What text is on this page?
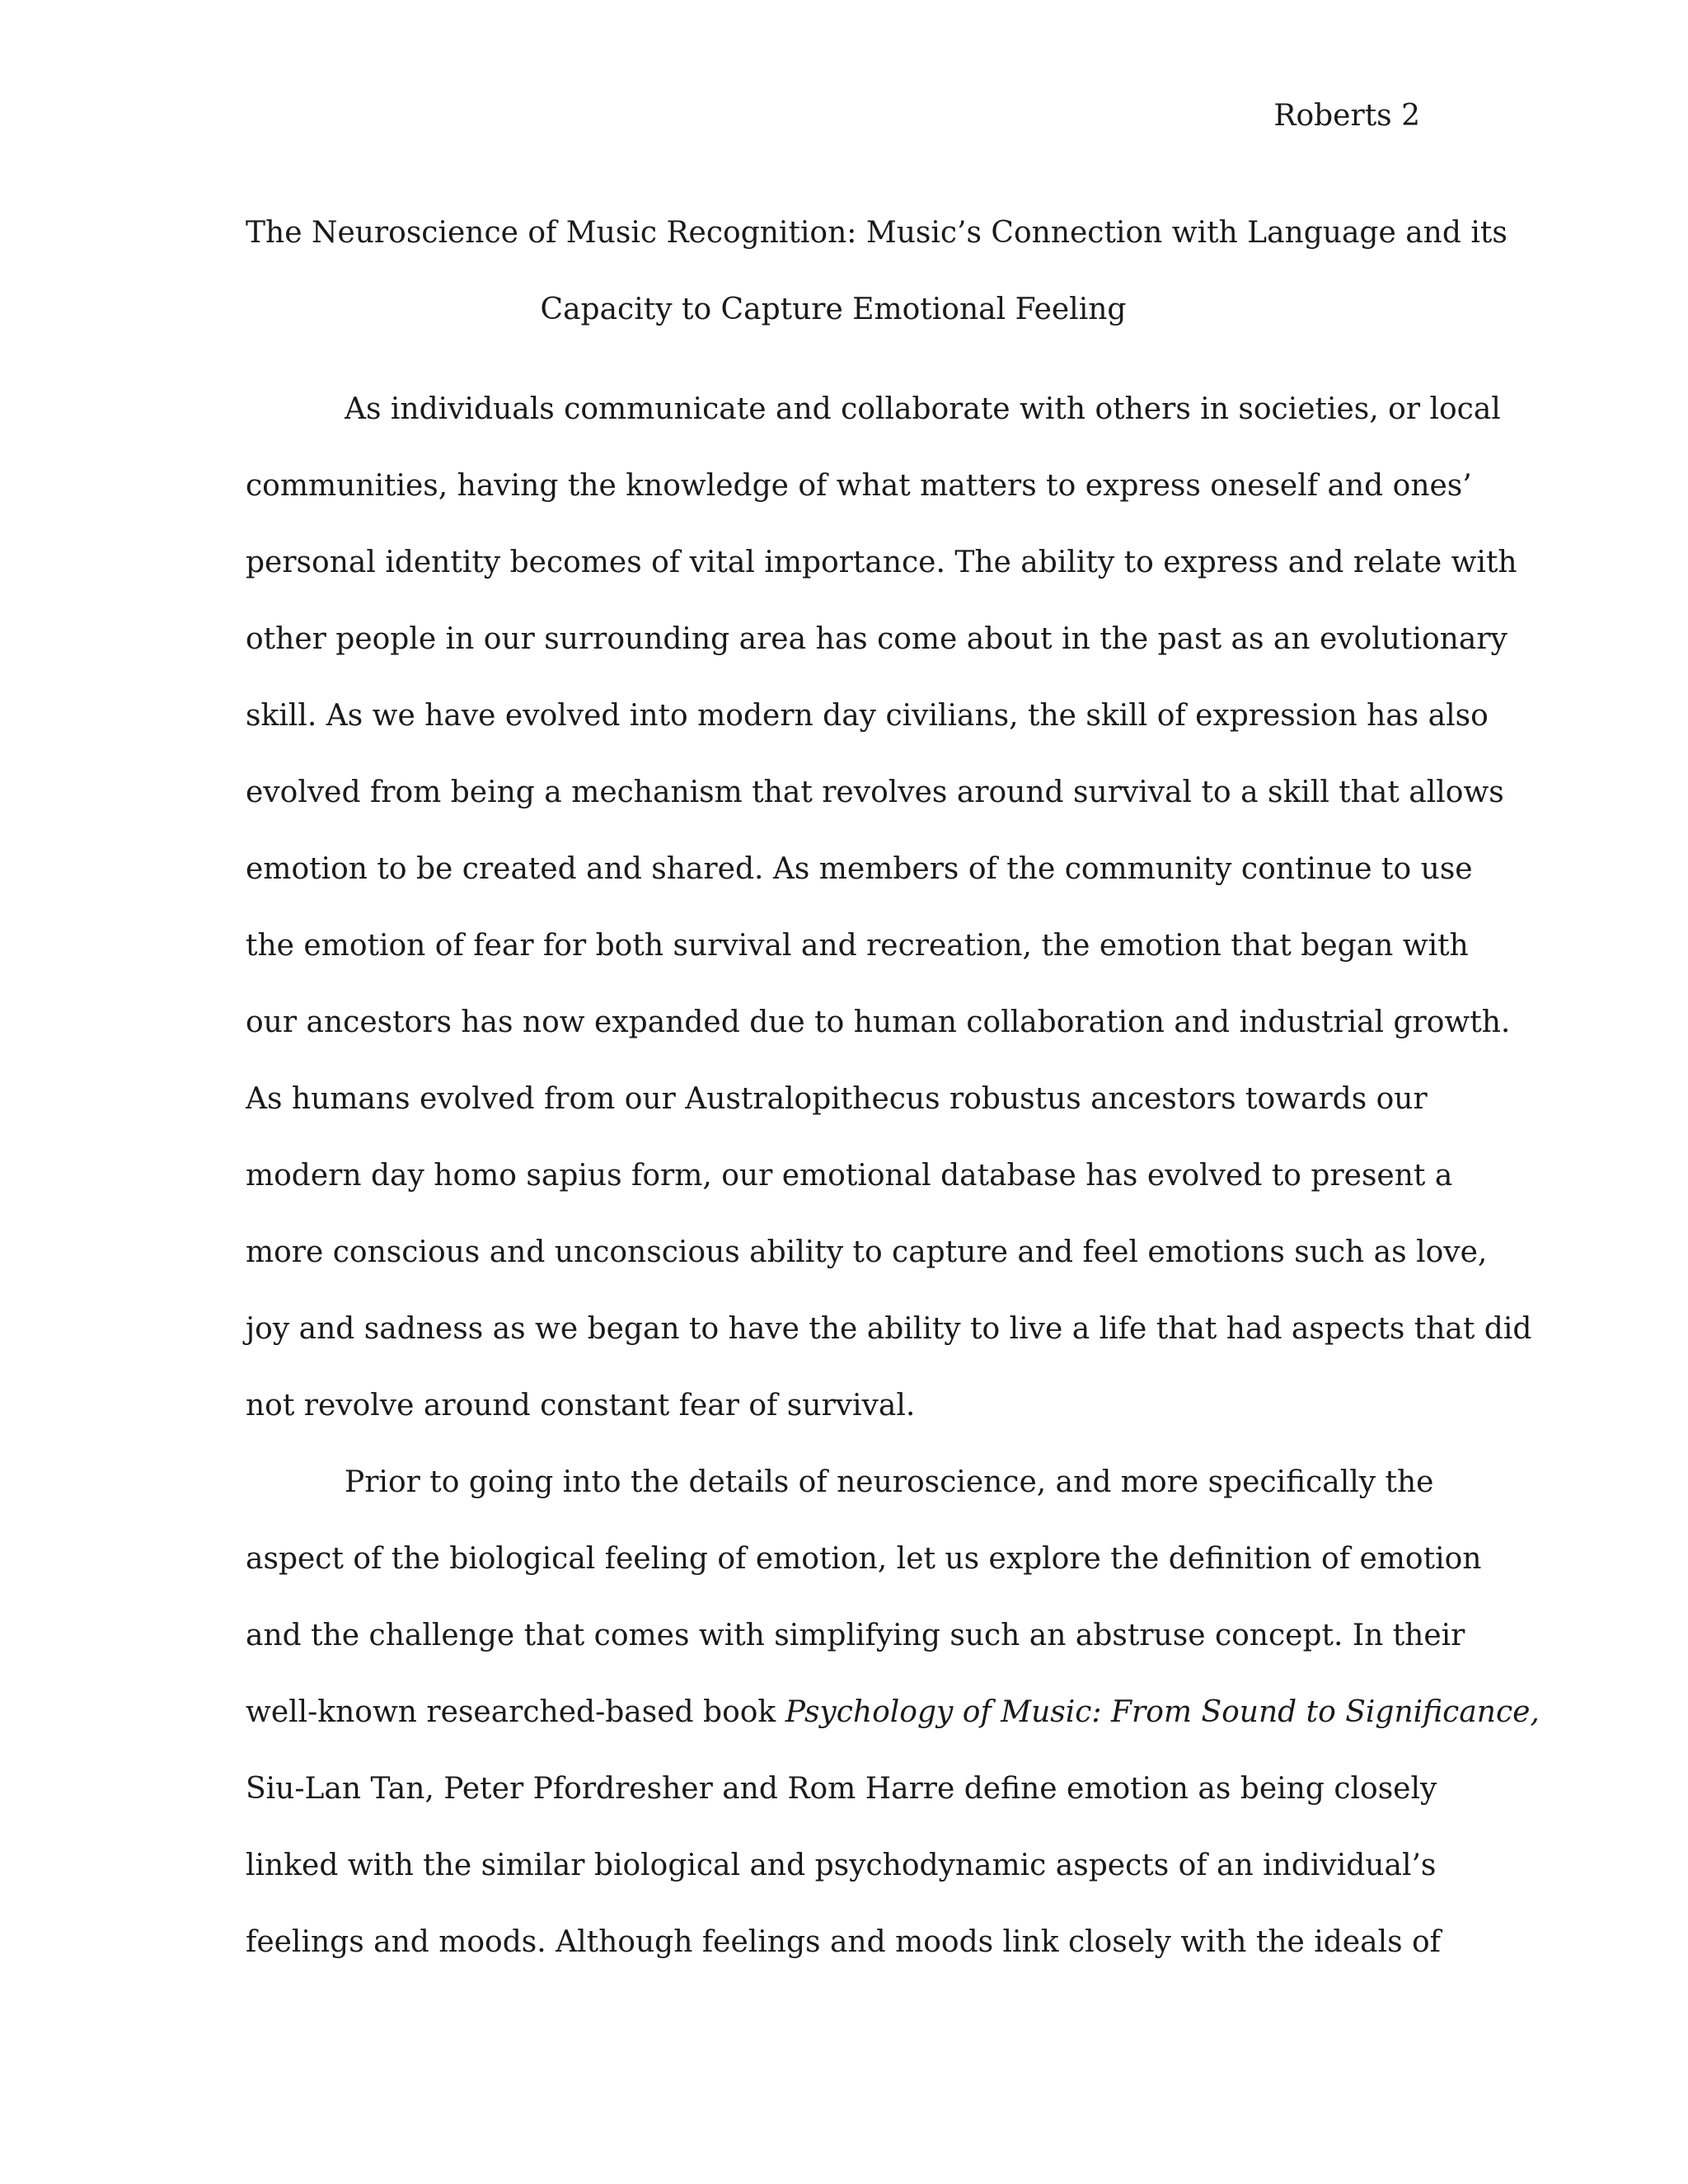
Roberts 2
The Neuroscience of Music Recognition: Music’s Connection with Language and its
Capacity to Capture Emotional Feeling
As individuals communicate and collaborate with others in societies, or local
communities, having the knowledge of what matters to express oneself and ones’
personal identity becomes of vital importance. The ability to express and relate with
other people in our surrounding area has come about in the past as an evolutionary
skill. As we have evolved into modern day civilians, the skill of expression has also
evolved from being a mechanism that revolves around survival to a skill that allows
emotion to be created and shared. As members of the community continue to use
the emotion of fear for both survival and recreation, the emotion that began with
our ancestors has now expanded due to human collaboration and industrial growth.
As humans evolved from our Australopithecus robustus ancestors towards our
modern day homo sapius form, our emotional database has evolved to present a
more conscious and unconscious ability to capture and feel emotions such as love,
joy and sadness as we began to have the ability to live a life that had aspects that did
not revolve around constant fear of survival.
Prior to going into the details of neuroscience, and more specifically the
aspect of the biological feeling of emotion, let us explore the definition of emotion
and the challenge that comes with simplifying such an abstruse concept. In their
well-known researched-based book Psychology of Music: From Sound to Significance,
Siu-Lan Tan, Peter Pfordresher and Rom Harre define emotion as being closely
linked with the similar biological and psychodynamic aspects of an individual’s
feelings and moods. Although feelings and moods link closely with the ideals of
